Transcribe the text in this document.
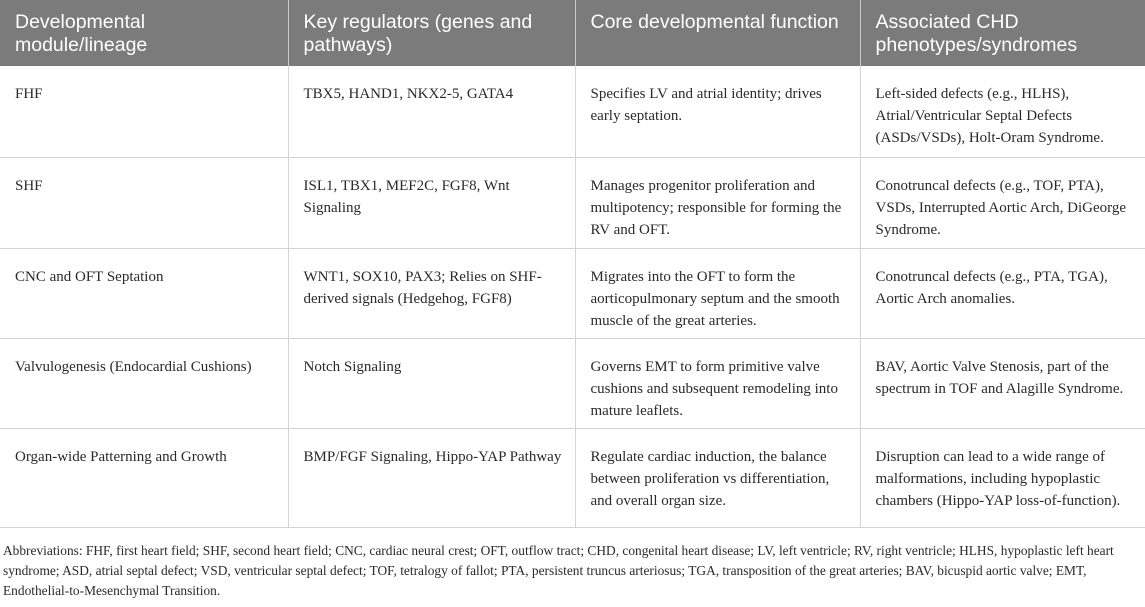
Developmental module/lineage	Key regulators (genes and pathways)	Core developmental function	Associated CHD phenotypes/syndromes
FHF	TBX5, HAND1, NKX2-5, GATA4	Specifies LV and atrial identity; drives early septation.	Left-sided defects (e.g., HLHS), Atrial/Ventricular Septal Defects (ASDs/VSDs), Holt-Oram Syndrome.
SHF	ISL1, TBX1, MEF2C, FGF8, Wnt Signaling	Manages progenitor proliferation and multipotency; responsible for forming the RV and OFT.	Conotruncal defects (e.g., TOF, PTA), VSDs, Interrupted Aortic Arch, DiGeorge Syndrome.
CNC and OFT Septation	WNT1, SOX10, PAX3; Relies on SHF-derived signals (Hedgehog, FGF8)	Migrates into the OFT to form the aorticopulmonary septum and the smooth muscle of the great arteries.	Conotruncal defects (e.g., PTA, TGA), Aortic Arch anomalies.
Valvulogenesis (Endocardial Cushions)	Notch Signaling	Governs EMT to form primitive valve cushions and subsequent remodeling into mature leaflets.	BAV, Aortic Valve Stenosis, part of the spectrum in TOF and Alagille Syndrome.
Organ-wide Patterning and Growth	BMP/FGF Signaling, Hippo-YAP Pathway	Regulate cardiac induction, the balance between proliferation vs differentiation, and overall organ size.	Disruption can lead to a wide range of malformations, including hypoplastic chambers (Hippo-YAP loss-of-function).

Abbreviations: FHF, first heart field; SHF, second heart field; CNC, cardiac neural crest; OFT, outflow tract; CHD, congenital heart disease; LV, left ventricle; RV, right ventricle; HLHS, hypoplastic left heart syndrome; ASD, atrial septal defect; VSD, ventricular septal defect; TOF, tetralogy of fallot; PTA, persistent truncus arteriosus; TGA, transposition of the great arteries; BAV, bicuspid aortic valve; EMT, Endothelial-to-Mesenchymal Transition.
